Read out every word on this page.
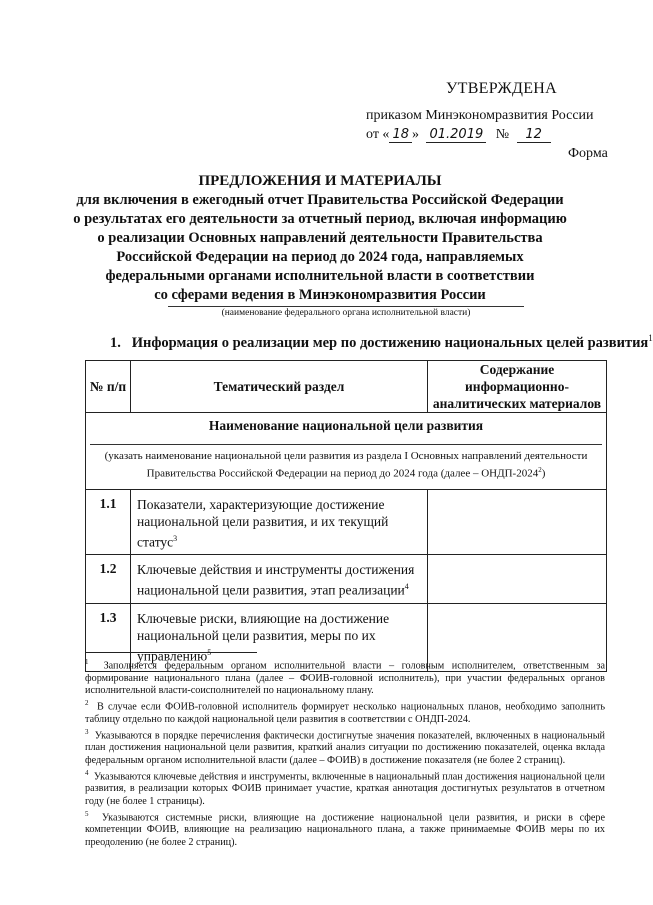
УТВЕРЖДЕНА
приказом Минэкономразвития России
от « 18 » 01.2019 № 12
Форма
ПРЕДЛОЖЕНИЯ И МАТЕРИАЛЫ
для включения в ежегодный отчет Правительства Российской Федерации
о результатах его деятельности за отчетный период, включая информацию
о реализации Основных направлений деятельности Правительства
Российской Федерации на период до 2024 года, направляемых
федеральными органами исполнительной власти в соответствии
со сферами ведения в Минэкономразвития России
(наименование федерального органа исполнительной власти)
1. Информация о реализации мер по достижению национальных целей развития$^1$
№ п/п	Тематический раздел	Содержание информационно-аналитических материалов

Наименование национальной цели развития
(указать наименование национальной цели развития из раздела I Основных направлений деятельности Правительства Российской Федерации на период до 2024 года (далее – ОНДП-2024$^2$)		

1.1	Показатели, характеризующие достижение национальной цели развития, и их текущий статус$^3$	
1.2	Ключевые действия и инструменты достижения национальной цели развития, этап реализации$^4$	
1.3	Ключевые риски, влияющие на достижение национальной цели развития, меры по их управлению$^5$	

$^1$ Заполняется федеральным органом исполнительной власти – головным исполнителем, ответственным за формирование национального плана (далее – ФОИВ-головной исполнитель), при участии федеральных органов исполнительной власти-соисполнителей по национальному плану.

$^2$ В случае если ФОИВ-головной исполнитель формирует несколько национальных планов, необходимо заполнить таблицу отдельно по каждой национальной цели развития в соответствии с ОНДП-2024.

$^3$ Указываются в порядке перечисления фактически достигнутые значения показателей, включенных в национальный план достижения национальной цели развития, краткий анализ ситуации по достижению показателей, оценка вклада федеральным органом исполнительной власти (далее – ФОИВ) в достижение показателя (не более 2 страниц).

$^4$ Указываются ключевые действия и инструменты, включенные в национальный план достижения национальной цели развития, в реализации которых ФОИВ принимает участие, краткая аннотация достигнутых результатов в отчетном году (не более 1 страницы).

$^5$ Указываются системные риски, влияющие на достижение национальной цели развития, и риски в сфере компетенции ФОИВ, влияющие на реализацию национального плана, а также принимаемые ФОИВ меры по их преодолению (не более 2 страниц).
